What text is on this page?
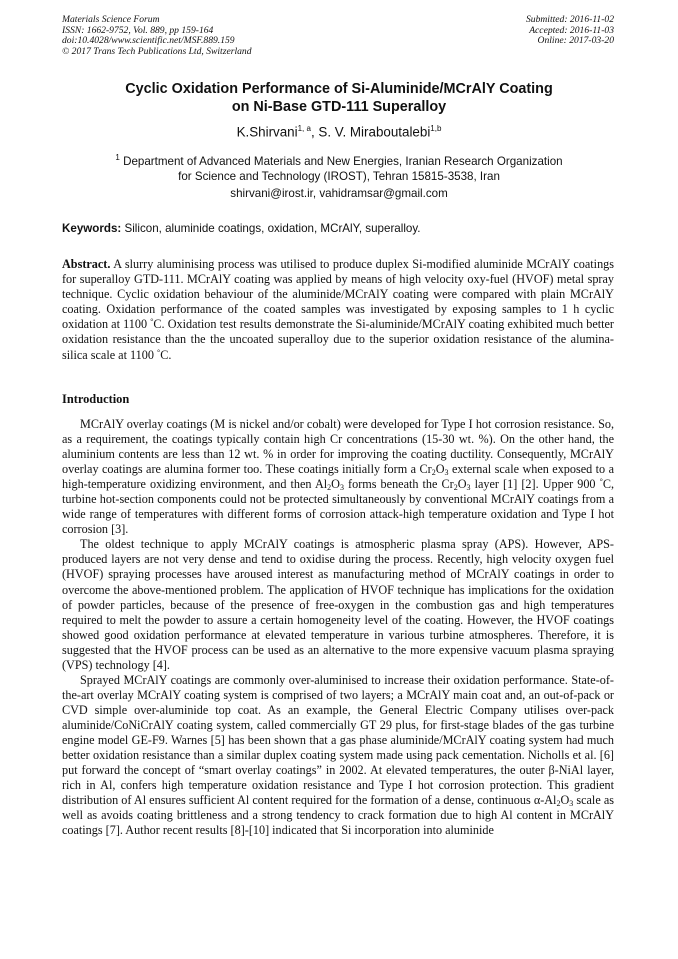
Materials Science Forum
ISSN: 1662-9752, Vol. 889, pp 159-164
doi:10.4028/www.scientific.net/MSF.889.159
© 2017 Trans Tech Publications Ltd, Switzerland
Submitted: 2016-11-02
Accepted: 2016-11-03
Online: 2017-03-20
Cyclic Oxidation Performance of Si-Aluminide/MCrAlY Coating
on Ni-Base GTD-111 Superalloy
K.Shirvani$^{1, a}$, S. V. Miraboutalebi$^{1,b}$
$^1$ Department of Advanced Materials and New Energies, Iranian Research Organization
for Science and Technology (IROST), Tehran 15815-3538, Iran
shirvani@irost.ir, vahidramsar@gmail.com
Keywords: Silicon, aluminide coatings, oxidation, MCrAlY, superalloy.
Abstract. A slurry aluminising process was utilised to produce duplex Si-modified aluminide MCrAlY coatings for superalloy GTD-111. MCrAlY coating was applied by means of high velocity oxy-fuel (HVOF) metal spray technique. Cyclic oxidation behaviour of the aluminide/MCrAlY coating were compared with plain MCrAlY coating. Oxidation performance of the coated samples was investigated by exposing samples to 1 h cyclic oxidation at 1100 °C. Oxidation test results demonstrate the Si-aluminide/MCrAlY coating exhibited much better oxidation resistance than the the uncoated superalloy due to the superior oxidation resistance of the alumina-silica scale at 1100 °C.
Introduction

MCrAlY overlay coatings (M is nickel and/or cobalt) were developed for Type I hot corrosion resistance. So, as a requirement, the coatings typically contain high Cr concentrations (15-30 wt. %). On the other hand, the aluminium contents are less than 12 wt. % in order for improving the coating ductility. Consequently, MCrAlY overlay coatings are alumina former too. These coatings initially form a $Cr_2O_3$ external scale when exposed to a high-temperature oxidizing environment, and then $Al_2O_3$ forms beneath the $Cr_2O_3$ layer [1] [2]. Upper 900 °C, turbine hot-section components could not be protected simultaneously by conventional MCrAlY coatings from a wide range of temperatures with different forms of corrosion attack-high temperature oxidation and Type I hot corrosion [3].

The oldest technique to apply MCrAlY coatings is atmospheric plasma spray (APS). However, APS-produced layers are not very dense and tend to oxidise during the process. Recently, high velocity oxygen fuel (HVOF) spraying processes have aroused interest as manufacturing method of MCrAlY coatings in order to overcome the above-mentioned problem. The application of HVOF technique has implications for the oxidation of powder particles, because of the presence of free-oxygen in the combustion gas and high temperatures required to melt the powder to assure a certain homogeneity level of the coating. However, the HVOF coatings showed good oxidation performance at elevated temperature in various turbine atmospheres. Therefore, it is suggested that the HVOF process can be used as an alternative to the more expensive vacuum plasma spraying (VPS) technology [4].

Sprayed MCrAlY coatings are commonly over-aluminised to increase their oxidation performance. State-of-the-art overlay MCrAlY coating system is comprised of two layers; a MCrAlY main coat and, an out-of-pack or CVD simple over-aluminide top coat. As an example, the General Electric Company utilises over-pack aluminide/CoNiCrAlY coating system, called commercially GT 29 plus, for first-stage blades of the gas turbine engine model GE-F9. Warnes [5] has been shown that a gas phase aluminide/MCrAlY coating system had much better oxidation resistance than a similar duplex coating system made using pack cementation. Nicholls et al. [6] put forward the concept of “smart overlay coatings” in 2002. At elevated temperatures, the outer β-NiAl layer, rich in Al, confers high temperature oxidation resistance and Type I hot corrosion protection. This gradient distribution of Al ensures sufficient Al content required for the formation of a dense, continuous $\alpha-Al_2O_3$ scale as well as avoids coating brittleness and a strong tendency to crack formation due to high Al content in MCrAlY coatings [7]. Author recent results [8]-[10] indicated that Si incorporation into aluminide
